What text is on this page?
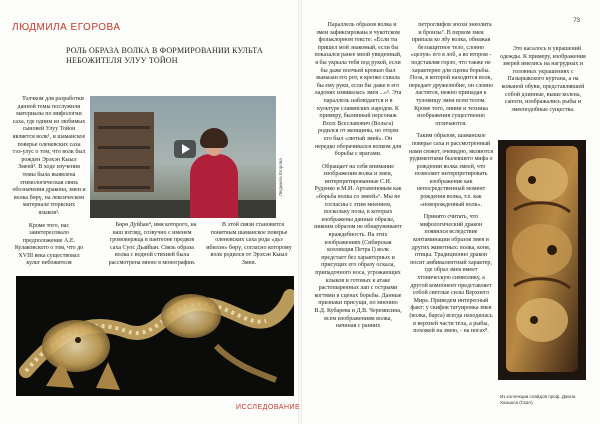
ЛЮДМИЛА ЕГОРОВА
РОЛЬ ОБРАЗА ВОЛКА В ФОРМИРОВАНИИ КУЛЬТА НЕБОЖИТЕЛЯ УЛУУ ТОЙОН

Толчком для разработки данной темы послужили материалы по мифологии саха, где одним из любимых сыновей Улуу Тойон является волк¹, и шаманское поверье оленевских саха тээ-улус о том, что волк был рожден Эрэхэн Кыыл Змеей². В ходе изучения темы была выявлена этимологическая связь обозначения дракона, змеи и волка бөрү, на лексическом материале тюркских языков³.

Кроме того, нас заинтересовало предположение А.Е. Кулаковского о том, что до XVIII века существовал культ небожителя

Людмила Егорова

Бөрө Дуйһан⁴, имя которого, на наш взгляд, созвучно с именем громовержца в пантеоне предков саха Суос Дьайһан. Связь образа волка с водной стихией была рассмотрена мною в монографии.

В этой связи становится понятным шаманское поверье оленевских саха рода «дьэ ибилэн» бөрү, согласно которому волк родился от Эрэхэн Кыыл Змеи.

ИССЛЕДОВАНИЕ
73

Параллель образов волка и змеи зафиксирована в чукотском фольклорном тексте: «Если ты пришел мой знакомый, если бы показался ранее мной увиденный, я бы укрыла тебя под рукой, если бы даже волчьей кровью был вымазан его рот, я крепко схвала бы ему руки, если бы даже в его ладонях извивалась змея ...»⁵. Эта параллель наблюдается и в культуре славянских народов. К примеру, былинный персонаж Волх Всеславович (Вольга) родился от женщины, но отцом его был «лютый змей». Он нередко оборачивался волком для борьбы с врагами.

Обращает на себя внимание изображения волка и змеи, интерпретированные С.И. Руденко и М.И. Артамоновым как «борьба волка со змеей»⁶. Мы не согласны с этим мнением, поскольку позы, в которых изображены данные образы, никоим образом не обнаруживают враждебность. На этих изображениях (Сибирская коллекция Петра I) волк предстает без характерных и присущих его образу оскала, припадочного носа, угрожающих клыков и готовых к атаке растопыренных лап с острыми когтями в сценах борьбы. Данные признаки присущи, по мнению В.Д. Кубарева и Д.В. Черемисина, всем изображениям волка, начиная с ранних

петроглифов эпохи энеолита и бронзы⁷. В первом змея припала ко лбу волка, обнажая беззащитное тело, словно «целуя» его в лоб, а во втором - подставляя горло, что также не характерно для сцены борьбы. Поза, в которой находится волк, передает дружелюбие, он словно ластится, нежно припадая к туловищу змеи всем телом. Кроме того, линии и техника изображения существенно отличаются.

Таким образом, шаманское поверье саха и рассмотренный нами сюжет, очевидно, являются рудиментами былевшего мифа о рождении волка змеей, что позволяет интерпретировать изображение как непосредственный момент рождения волка, т.е. как «новорожденный волк».

Принято считать, что мифологический дракон появился вследствие контаминации образов змея и других животных: волка, коня, птицы. Традиционно дракон носит амбивалентный характер, где образ змея имеет хтоническую символику, а другой компонент представляет собой светлые силы Верхнего Мира. Приведем интересный факт: у скифов татуировка змея (волка, барса) всегда находилась в верхней части тела, а рыбы, похожей на змею, - на ногах⁸.

Это касалось и украшений одежды. К примеру, изображения зверей имелись на нагрудных и головных украшениях с Пазырыкского кургана, а на кожаной обуви, представлявшей собой длинные, выше колена, сапоги, изображались рыбы и змееподобные существа.

Из коллекции слайдов проф. Джона Хазьюса (США)
